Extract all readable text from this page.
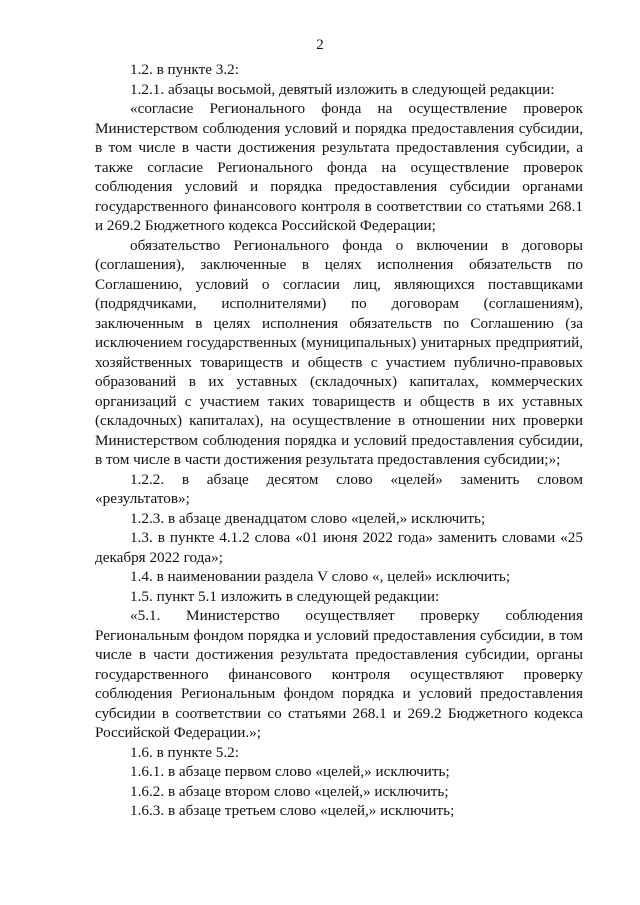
2

1.2. в пункте 3.2:

1.2.1. абзацы восьмой, девятый изложить в следующей редакции:

«согласие Регионального фонда на осуществление проверок Министерством соблюдения условий и порядка предоставления субсидии, в том числе в части достижения результата предоставления субсидии, а также согласие Регионального фонда на осуществление проверок соблюдения условий и порядка предоставления субсидии органами государственного финансового контроля в соответствии со статьями 268.1 и 269.2 Бюджетного кодекса Российской Федерации;

обязательство Регионального фонда о включении в договоры (соглашения), заключенные в целях исполнения обязательств по Соглашению, условий о согласии лиц, являющихся поставщиками (подрядчиками, исполнителями) по договорам (соглашениям), заключенным в целях исполнения обязательств по Соглашению (за исключением государственных (муниципальных) унитарных предприятий, хозяйственных товариществ и обществ с участием публично-правовых образований в их уставных (складочных) капиталах, коммерческих организаций с участием таких товариществ и обществ в их уставных (складочных) капиталах), на осуществление в отношении них проверки Министерством соблюдения порядка и условий предоставления субсидии, в том числе в части достижения результата предоставления субсидии;»;

1.2.2. в абзаце десятом слово «целей» заменить словом «результатов»;

1.2.3. в абзаце двенадцатом слово «целей,» исключить;

1.3. в пункте 4.1.2 слова «01 июня 2022 года» заменить словами «25 декабря 2022 года»;

1.4. в наименовании раздела V слово «, целей» исключить;

1.5. пункт 5.1 изложить в следующей редакции:

«5.1. Министерство осуществляет проверку соблюдения Региональным фондом порядка и условий предоставления субсидии, в том числе в части достижения результата предоставления субсидии, органы государственного финансового контроля осуществляют проверку соблюдения Региональным фондом порядка и условий предоставления субсидии в соответствии со статьями 268.1 и 269.2 Бюджетного кодекса Российской Федерации.»;

1.6. в пункте 5.2:

1.6.1. в абзаце первом слово «целей,» исключить;

1.6.2. в абзаце втором слово «целей,» исключить;

1.6.3. в абзаце третьем слово «целей,» исключить;
